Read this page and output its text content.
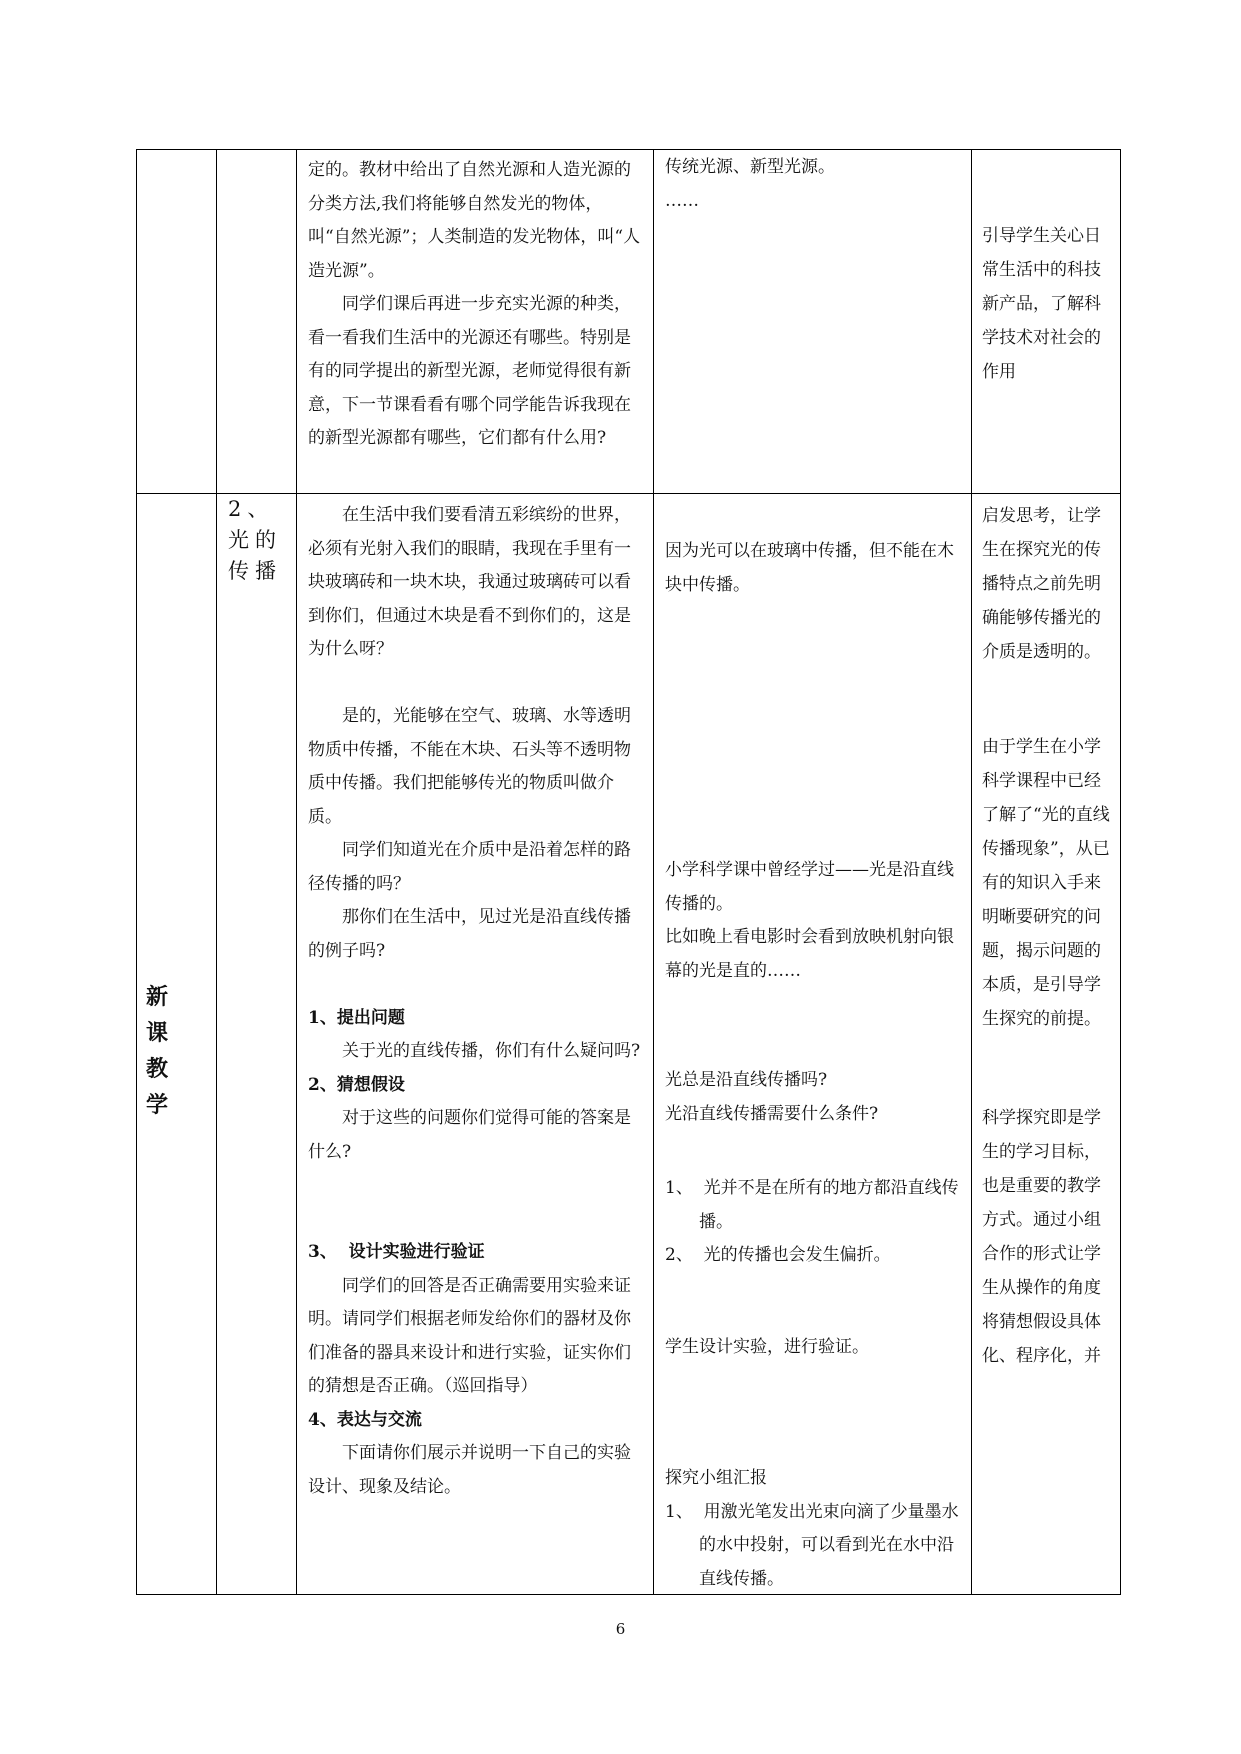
定的。教材中给出了自然光源和人造光源的分类方法,我们将能够自然发光的物体，叫“自然光源”；人类制造的发光物体，叫“人造光源”。

同学们课后再进一步充实光源的种类，看一看我们生活中的光源还有哪些。特别是有的同学提出的新型光源，老师觉得很有新意，下一节课看看有哪个同学能告诉我现在的新型光源都有哪些，它们都有什么用?

传统光源、新型光源。

……

引导学生关心日常生活中的科技新产品，了解科学技术对社会的作用

新
课
教
学

2、光的传播

在生活中我们要看清五彩缤纷的世界，必须有光射入我们的眼睛，我现在手里有一块玻璃砖和一块木块，我通过玻璃砖可以看到你们，但通过木块是看不到你们的，这是为什么呀？

是的，光能够在空气、玻璃、水等透明物质中传播，不能在木块、石头等不透明物质中传播。我们把能够传光的物质叫做介质。

同学们知道光在介质中是沿着怎样的路径传播的吗？

那你们在生活中，见过光是沿直线传播的例子吗?

1、提出问题

关于光的直线传播，你们有什么疑问吗?

2、猜想假设

对于这些的问题你们觉得可能的答案是什么?

3、  设计实验进行验证

同学们的回答是否正确需要用实验来证明。请同学们根据老师发给你们的器材及你们准备的器具来设计和进行实验，证实你们的猜想是否正确。（巡回指导）

4、表达与交流

下面请你们展示并说明一下自己的实验设计、现象及结论。

因为光可以在玻璃中传播，但不能在木块中传播。

小学科学课中曾经学过——光是沿直线传播的。

比如晚上看电影时会看到放映机射向银幕的光是直的……

光总是沿直线传播吗?

光沿直线传播需要什么条件?

1、  光并不是在所有的地方都沿直线传播。

2、  光的传播也会发生偏折。

学生设计实验，进行验证。

探究小组汇报

1、  用激光笔发出光束向滴了少量墨水的水中投射，可以看到光在水中沿直线传播。

启发思考，让学生在探究光的传播特点之前先明确能够传播光的介质是透明的。

由于学生在小学科学课程中已经了解了“光的直线传播现象”，从已有的知识入手来明晰要研究的问题，揭示问题的本质，是引导学生探究的前提。

科学探究即是学生的学习目标，也是重要的教学方式。通过小组合作的形式让学生从操作的角度将猜想假设具体化、程序化，并

6
